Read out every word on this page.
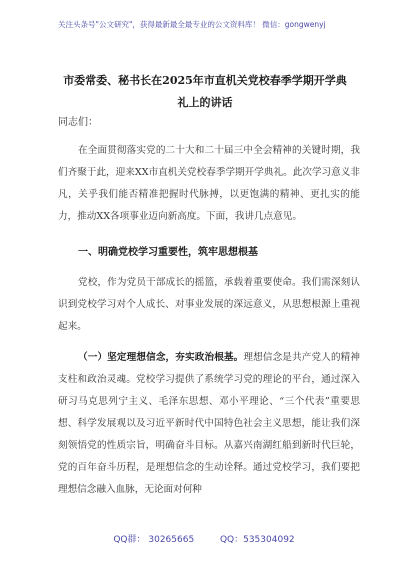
关注头条号"公文研究"，获得最新最全最专业的公文资料库！ 微信：gongwenyj
市委常委、秘书长在2025年市直机关党校春季学期开学典礼上的讲话
同志们：
在全面贯彻落实党的二十大和二十届三中全会精神的关键时期，我们齐聚于此，迎来XX市直机关党校春季学期开学典礼。此次学习意义非凡，关乎我们能否精准把握时代脉搏，以更饱满的精神、更扎实的能力，推动XX各项事业迈向新高度。下面，我讲几点意见。
一、明确党校学习重要性，筑牢思想根基
党校，作为党员干部成长的摇篮，承载着重要使命。我们需深刻认识到党校学习对个人成长、对事业发展的深远意义，从思想根源上重视起来。
（一）坚定理想信念，夯实政治根基。理想信念是共产党人的精神支柱和政治灵魂。党校学习提供了系统学习党的理论的平台，通过深入研习马克思列宁主义、毛泽东思想、邓小平理论、“三个代表”重要思想、科学发展观以及习近平新时代中国特色社会主义思想，能让我们深刻领悟党的性质宗旨，明确奋斗目标。从嘉兴南湖红船到新时代巨轮，党的百年奋斗历程，是理想信念的生动诠释。通过党校学习，我们要把理想信念融入血脉，无论面对何种
QQ群： 30265665	QQ：535304092
